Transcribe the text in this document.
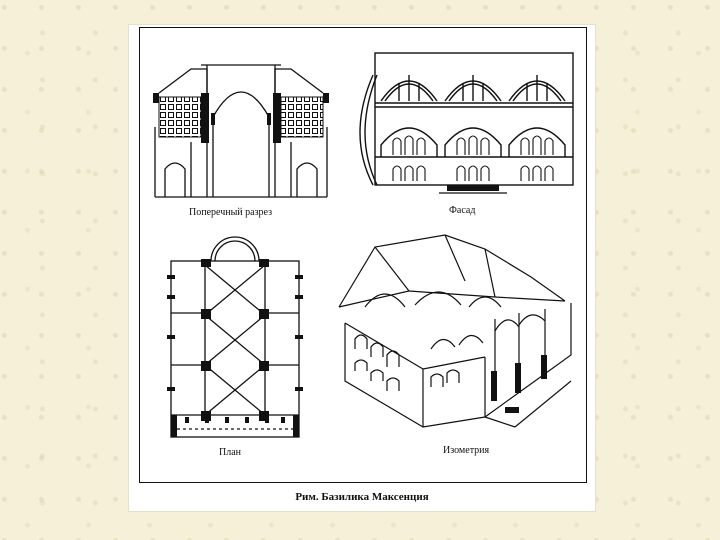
Поперечный разрез	Фасад
План	Изометрия
Рим. Базилика Максенция
